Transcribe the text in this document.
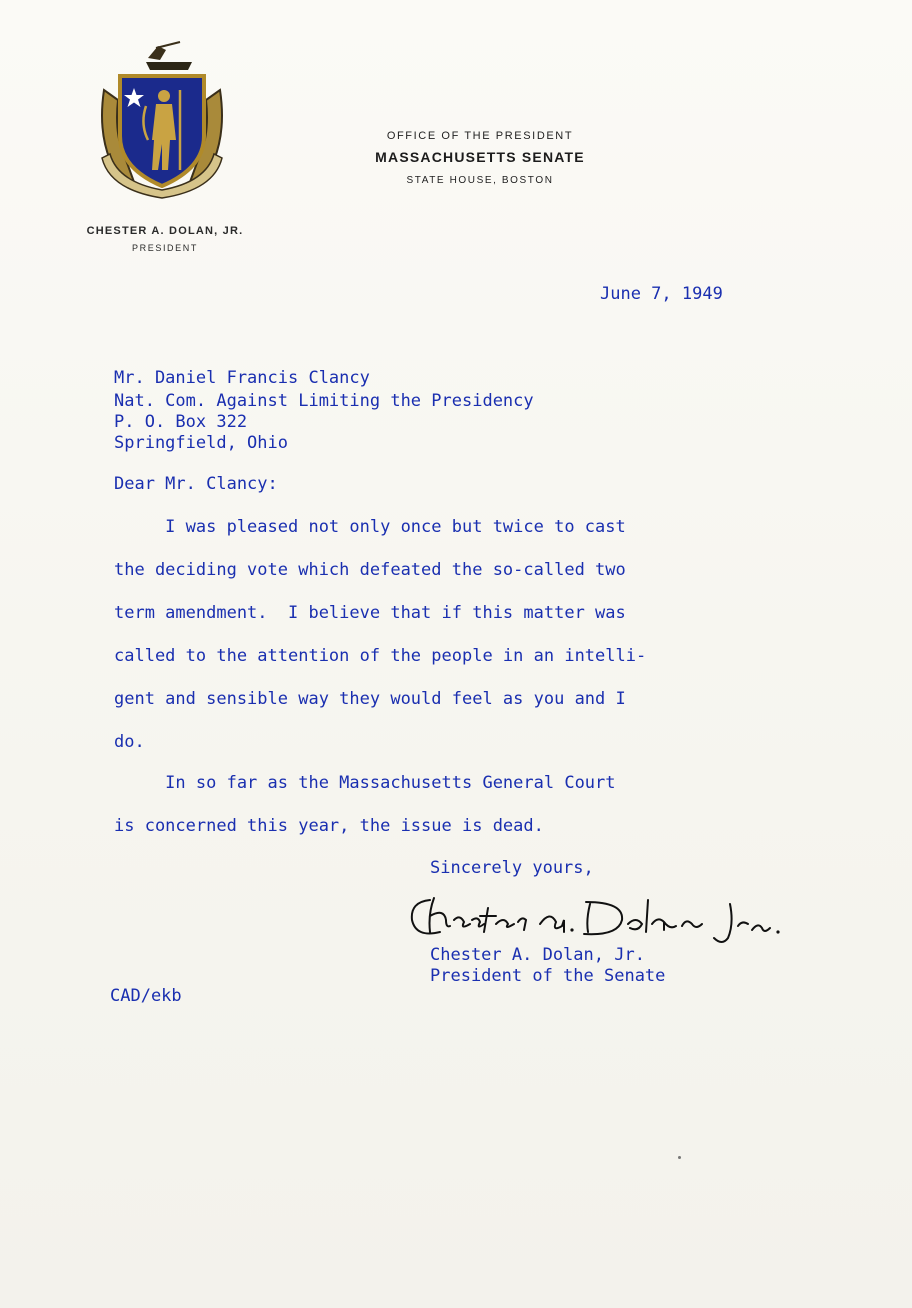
CHESTER A. DOLAN, JR.
PRESIDENT
OFFICE OF THE PRESIDENT
MASSACHUSETTS SENATE
STATE HOUSE, BOSTON
June 7, 1949
Mr. Daniel Francis Clancy
Nat. Com. Against Limiting the Presidency
P. O. Box 322
Springfield, Ohio
Dear Mr. Clancy:
I was pleased not only once but twice to cast
the deciding vote which defeated the so-called two
term amendment.  I believe that if this matter was
called to the attention of the people in an intelli-
gent and sensible way they would feel as you and I
do.
In so far as the Massachusetts General Court
is concerned this year, the issue is dead.
Sincerely yours,
Chester A. Dolan, Jr.
President of the Senate
CAD/ekb
